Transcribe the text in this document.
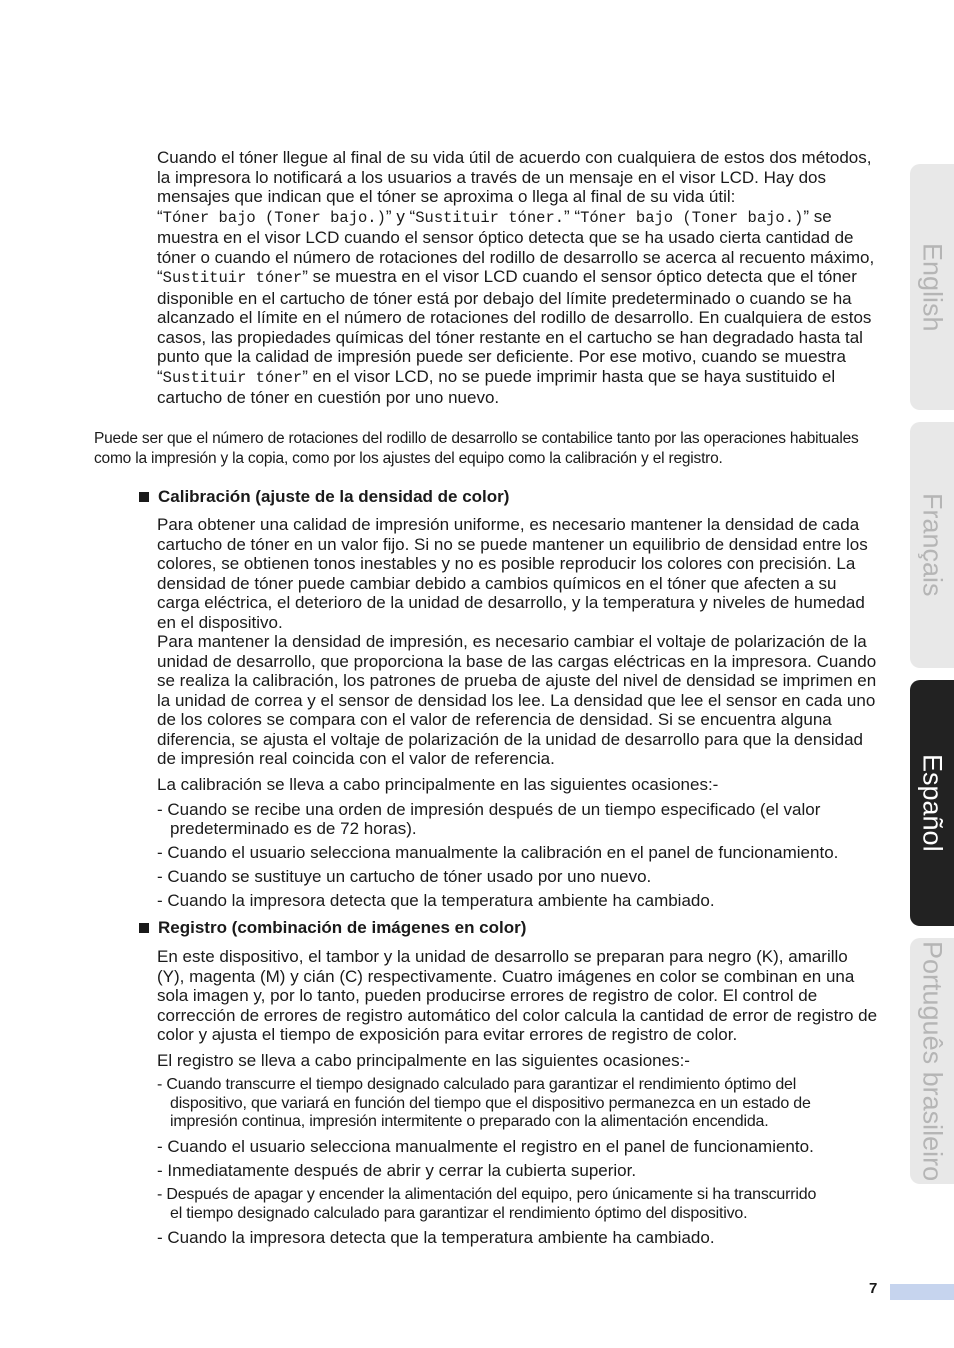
Cuando el tóner llegue al final de su vida útil de acuerdo con cualquiera de estos dos métodos, la impresora lo notificará a los usuarios a través de un mensaje en el visor LCD. Hay dos mensajes que indican que el tóner se aproxima o llega al final de su vida útil:
“Tóner bajo (Toner bajo.)” y “Sustituir tóner.” “Tóner bajo (Toner bajo.)” se muestra en el visor LCD cuando el sensor óptico detecta que se ha usado cierta cantidad de tóner o cuando el número de rotaciones del rodillo de desarrollo se acerca al recuento máximo,
“Sustituir tóner” se muestra en el visor LCD cuando el sensor óptico detecta que el tóner disponible en el cartucho de tóner está por debajo del límite predeterminado o cuando se ha alcanzado el límite en el número de rotaciones del rodillo de desarrollo. En cualquiera de estos casos, las propiedades químicas del tóner restante en el cartucho se han degradado hasta tal punto que la calidad de impresión puede ser deficiente. Por ese motivo, cuando se muestra “Sustituir tóner” en el visor LCD, no se puede imprimir hasta que se haya sustituido el cartucho de tóner en cuestión por uno nuevo.

Puede ser que el número de rotaciones del rodillo de desarrollo se contabilice tanto por las operaciones habituales como la impresión y la copia, como por los ajustes del equipo como la calibración y el registro.
Calibración (ajuste de la densidad de color)

Para obtener una calidad de impresión uniforme, es necesario mantener la densidad de cada cartucho de tóner en un valor fijo. Si no se puede mantener un equilibrio de densidad entre los colores, se obtienen tonos inestables y no es posible reproducir los colores con precisión. La densidad de tóner puede cambiar debido a cambios químicos en el tóner que afecten a su carga eléctrica, el deterioro de la unidad de desarrollo, y la temperatura y niveles de humedad en el dispositivo.

Para mantener la densidad de impresión, es necesario cambiar el voltaje de polarización de la unidad de desarrollo, que proporciona la base de las cargas eléctricas en la impresora. Cuando se realiza la calibración, los patrones de prueba de ajuste del nivel de densidad se imprimen en la unidad de correa y el sensor de densidad los lee. La densidad que lee el sensor en cada uno de los colores se compara con el valor de referencia de densidad. Si se encuentra alguna diferencia, se ajusta el voltaje de polarización de la unidad de desarrollo para que la densidad de impresión real coincida con el valor de referencia.

La calibración se lleva a cabo principalmente en las siguientes ocasiones:-
- Cuando se recibe una orden de impresión después de un tiempo especificado (el valor
predeterminado es de 72 horas).
- Cuando el usuario selecciona manualmente la calibración en el panel de funcionamiento.
- Cuando se sustituye un cartucho de tóner usado por uno nuevo.
- Cuando la impresora detecta que la temperatura ambiente ha cambiado.
Registro (combinación de imágenes en color)
En este dispositivo, el tambor y la unidad de desarrollo se preparan para negro (K), amarillo (Y), magenta (M) y cián (C) respectivamente. Cuatro imágenes en color se combinan en una sola imagen y, por lo tanto, pueden producirse errores de registro de color. El control de corrección de errores de registro automático del color calcula la cantidad de error de registro de color y ajusta el tiempo de exposición para evitar errores de registro de color.
El registro se lleva a cabo principalmente en las siguientes ocasiones:-
- Cuando transcurre el tiempo designado calculado para garantizar el rendimiento óptimo del
dispositivo, que variará en función del tiempo que el dispositivo permanezca en un estado de impresión continua, impresión intermitente o preparado con la alimentación encendida.
- Cuando el usuario selecciona manualmente el registro en el panel de funcionamiento.
- Inmediatamente después de abrir y cerrar la cubierta superior.
- Después de apagar y encender la alimentación del equipo, pero únicamente si ha transcurrido
el tiempo designado calculado para garantizar el rendimiento óptimo del dispositivo.
- Cuando la impresora detecta que la temperatura ambiente ha cambiado.
English
Français
Español
Português brasileiro
7
